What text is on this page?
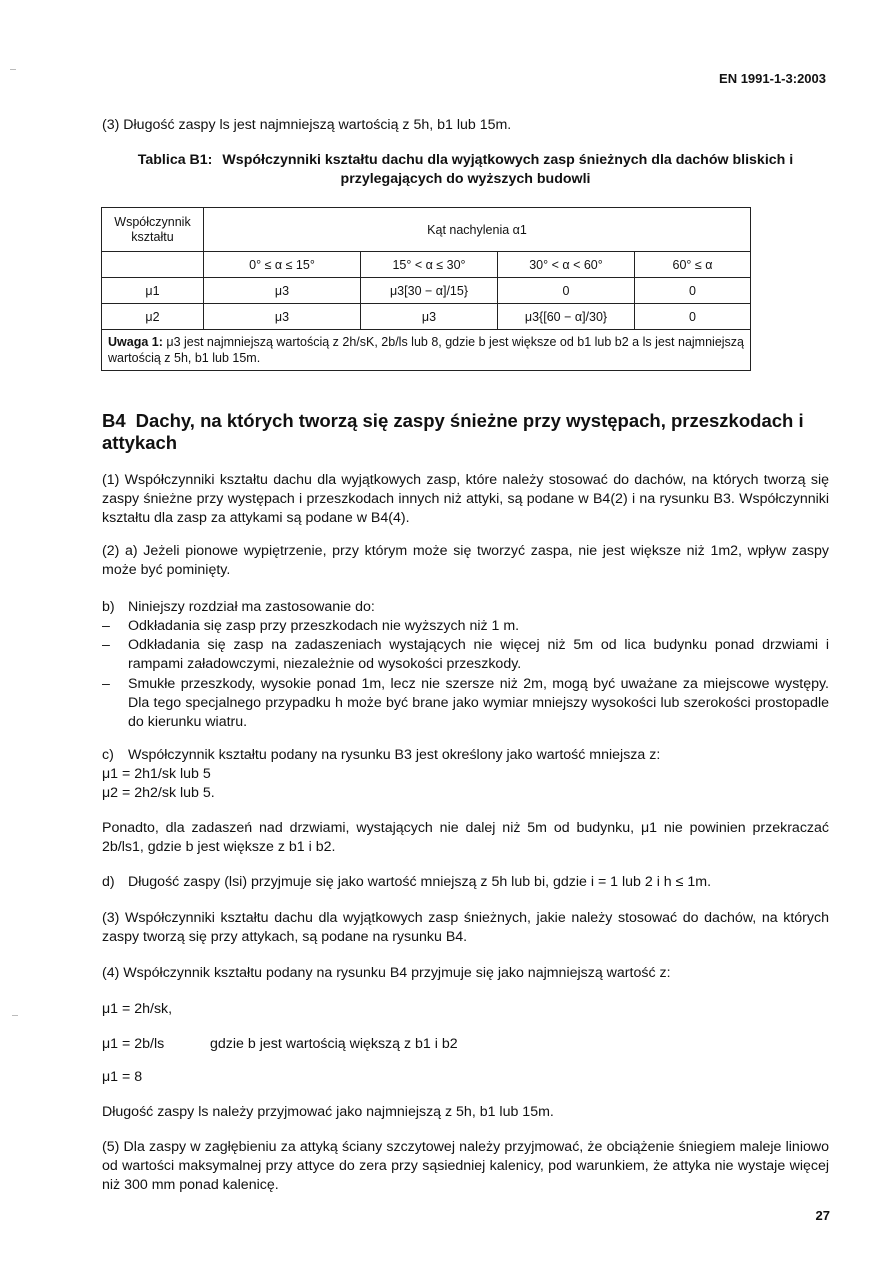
EN 1991-1-3:2003
(3) Długość zaspy ls jest najmniejszą wartością z 5h, b1 lub 15m.
Tablica B1: Współczynniki kształtu dachu dla wyjątkowych zasp śnieżnych dla dachów bliskich i przylegających do wyższych budowli
Współczynnik kształtu	Kąt nachylenia α1			
	0° ≤ α ≤ 15°	15° < α ≤ 30°	30° < α < 60°	60° ≤ α
μ1	μ3	μ3[30 − α]/15}	0	0
μ2	μ3	μ3	μ3{[60 − α]/30}	0
Uwaga 1: μ3 jest najmniejszą wartością z 2h/sK, 2b/ls lub 8, gdzie b jest większe od b1 lub b2 a ls jest najmniejszą wartością z 5h, b1 lub 15m.				
B4 Dachy, na których tworzą się zaspy śnieżne przy występach, przeszkodach i attykach
(1) Współczynniki kształtu dachu dla wyjątkowych zasp, które należy stosować do dachów, na których tworzą się zaspy śnieżne przy występach i przeszkodach innych niż attyki, są podane w B4(2) i na rysunku B3. Współczynniki kształtu dla zasp za attykami są podane w B4(4).
(2) a) Jeżeli pionowe wypiętrzenie, przy którym może się tworzyć zaspa, nie jest większe niż 1m2, wpływ zaspy może być pominięty.
b) Niniejszy rozdział ma zastosowanie do:
– Odkładania się zasp przy przeszkodach nie wyższych niż 1 m.
– Odkładania się zasp na zadaszeniach wystających nie więcej niż 5m od lica budynku ponad drzwiami i rampami załadowczymi, niezależnie od wysokości przeszkody.
– Smukłe przeszkody, wysokie ponad 1m, lecz nie szersze niż 2m, mogą być uważane za miejscowe występy. Dla tego specjalnego przypadku h może być brane jako wymiar mniejszy wysokości lub szerokości prostopadle do kierunku wiatru.
c) Współczynnik kształtu podany na rysunku B3 jest określony jako wartość mniejsza z:
μ1 = 2h1/sk lub 5
μ2 = 2h2/sk lub 5.
Ponadto, dla zadaszeń nad drzwiami, wystających nie dalej niż 5m od budynku, μ1 nie powinien przekraczać 2b/ls1, gdzie b jest większe z b1 i b2.
d) Długość zaspy (lsi) przyjmuje się jako wartość mniejszą z 5h lub bi, gdzie i = 1 lub 2 i h ≤ 1m.
(3) Współczynniki kształtu dachu dla wyjątkowych zasp śnieżnych, jakie należy stosować do dachów, na których zaspy tworzą się przy attykach, są podane na rysunku B4.
(4) Współczynnik kształtu podany na rysunku B4 przyjmuje się jako najmniejszą wartość z:
μ1 = 2h/sk,
μ1 = 2b/ls	gdzie b jest wartością większą z b1 i b2
μ1 = 8
Długość zaspy ls należy przyjmować jako najmniejszą z 5h, b1 lub 15m.
(5) Dla zaspy w zagłębieniu za attyką ściany szczytowej należy przyjmować, że obciążenie śniegiem maleje liniowo od wartości maksymalnej przy attyce do zera przy sąsiedniej kalenicy, pod warunkiem, że attyka nie wystaje więcej niż 300 mm ponad kalenicę.
27
